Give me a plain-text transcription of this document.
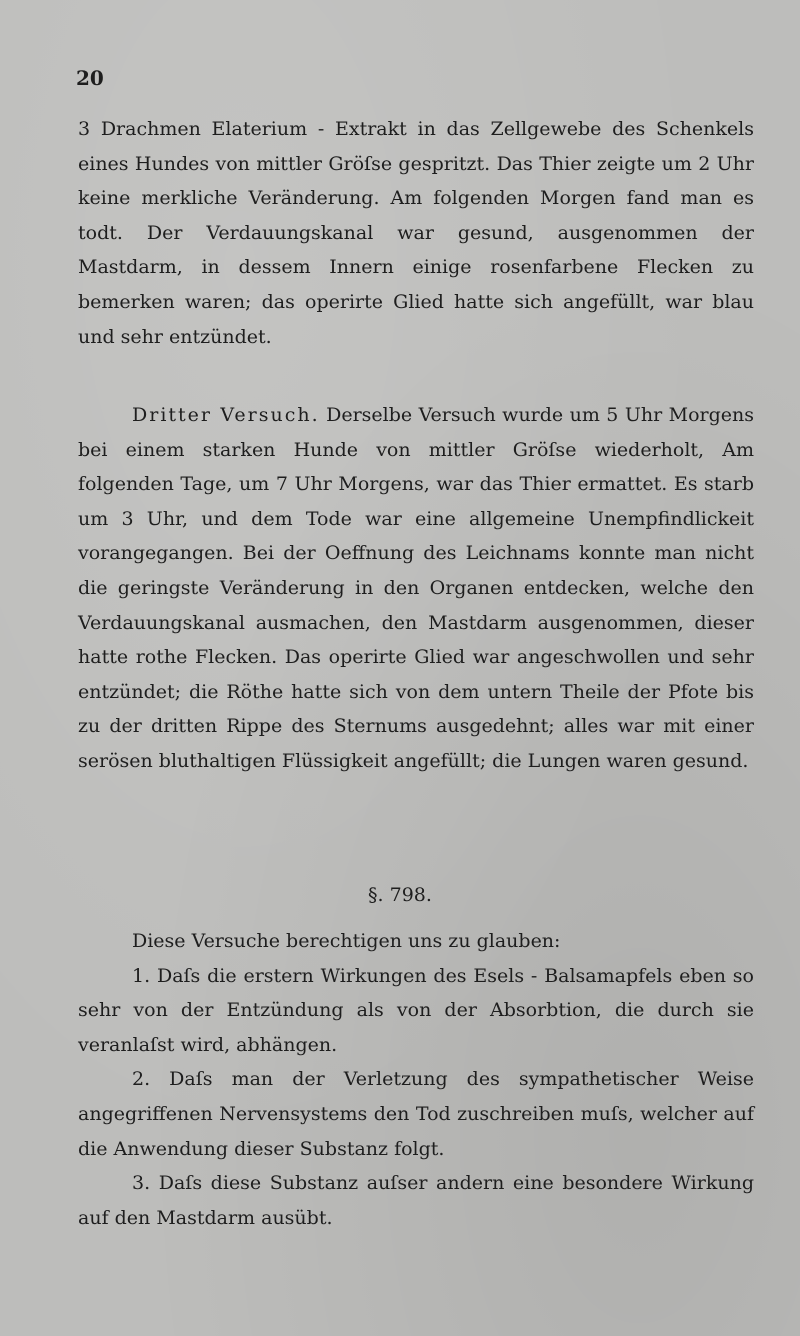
20

3 Drachmen Elaterium - Extrakt in das Zellgewebe des Schenkels eines Hundes von mittler Gröſse gespritzt. Das Thier zeigte um 2 Uhr keine merkliche Veränderung. Am folgenden Morgen fand man es todt. Der Verdauungskanal war gesund, ausgenommen der Mastdarm, in dessem Innern einige rosenfarbene Flecken zu bemerken waren; das operirte Glied hatte sich angefüllt, war blau und sehr entzündet.

Dritter Versuch. Derselbe Versuch wurde um 5 Uhr Morgens bei einem starken Hunde von mittler Gröſse wiederholt, Am folgenden Tage, um 7 Uhr Morgens, war das Thier ermattet. Es starb um 3 Uhr, und dem Tode war eine allgemeine Unempfindlickeit vorangegangen. Bei der Oeffnung des Leichnams konnte man nicht die geringste Veränderung in den Organen entdecken, welche den Verdauungskanal ausmachen, den Mastdarm ausgenommen, dieser hatte rothe Flecken. Das operirte Glied war angeschwollen und sehr entzündet; die Röthe hatte sich von dem untern Theile der Pfote bis zu der dritten Rippe des Sternums ausgedehnt; alles war mit einer serösen bluthaltigen Flüssigkeit angefüllt; die Lungen waren gesund.

§. 798.

Diese Versuche berechtigen uns zu glauben:

1. Daſs die erstern Wirkungen des Esels - Balsamapfels eben so sehr von der Entzündung als von der Absorbtion, die durch sie veranlaſst wird, abhängen.

2. Daſs man der Verletzung des sympathetischer Weise angegriffenen Nervensystems den Tod zuschreiben muſs, welcher auf die Anwendung dieser Substanz folgt.

3. Daſs diese Substanz auſser andern eine besondere Wirkung auf den Mastdarm ausübt.
